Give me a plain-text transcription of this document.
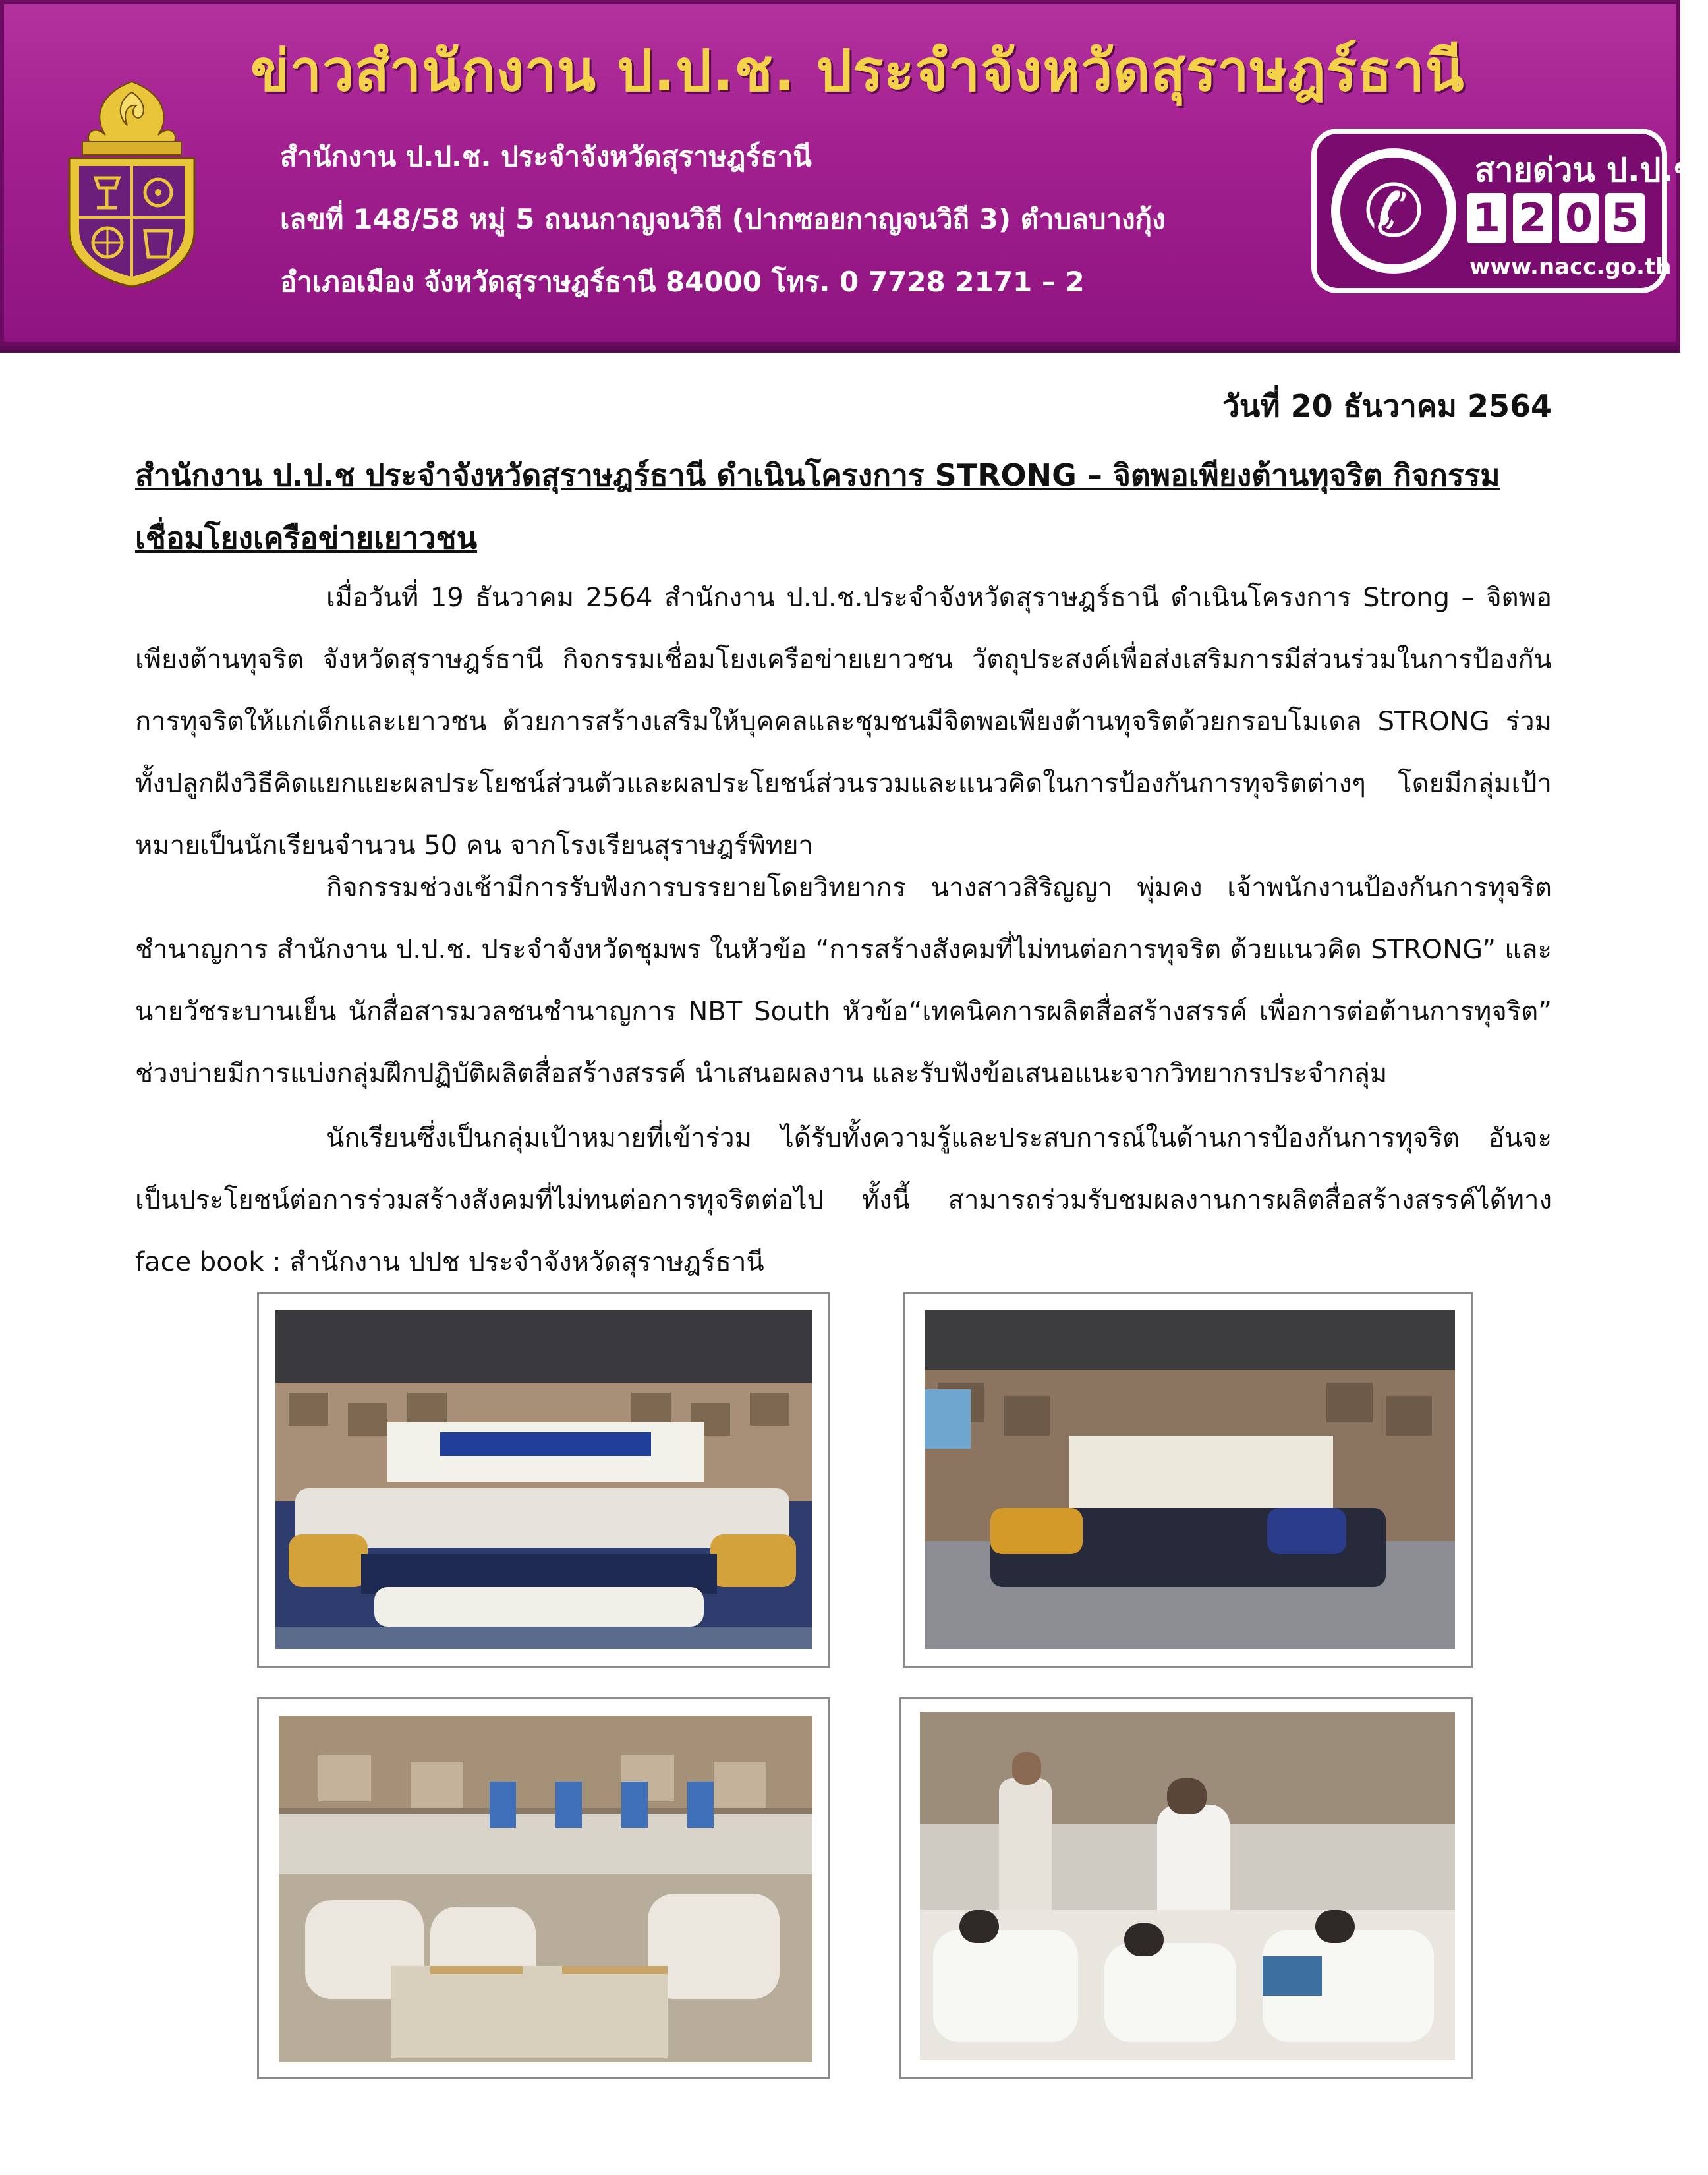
ข่าวสำนักงาน ป.ป.ช. ประจำจังหวัดสุราษฎร์ธานี
สำนักงาน ป.ป.ช. ประจำจังหวัดสุราษฎร์ธานี
เลขที่ 148/58 หมู่ 5 ถนนกาญจนวิถี (ปากซอยกาญจนวิถี 3) ตำบลบางกุ้ง
อำเภอเมือง จังหวัดสุราษฎร์ธานี 84000 โทร. 0 7728 2171 – 2
✆	สายด่วน ป.ป.ช.
1 2 0 5
www.nacc.go.th
วันที่ 20 ธันวาคม 2564
สำนักงาน ป.ป.ช ประจำจังหวัดสุราษฎร์ธานี ดำเนินโครงการ STRONG – จิตพอเพียงต้านทุจริต กิจกรรม
เชื่อมโยงเครือข่ายเยาวชน

เมื่อวันที่ 19 ธันวาคม 2564 สำนักงาน ป.ป.ช.ประจำจังหวัดสุราษฎร์ธานี ดำเนินโครงการ Strong – จิตพอเพียงต้านทุจริต จังหวัดสุราษฎร์ธานี กิจกรรมเชื่อมโยงเครือข่ายเยาวชน วัตถุประสงค์เพื่อส่งเสริมการมีส่วนร่วมในการป้องกันการทุจริตให้แก่เด็กและเยาวชน ด้วยการสร้างเสริมให้บุคคลและชุมชนมีจิตพอเพียงต้านทุจริตด้วยกรอบโมเดล STRONG ร่วมทั้งปลูกฝังวิธีคิดแยกแยะผลประโยชน์ส่วนตัวและผลประโยชน์ส่วนรวมและแนวคิดในการป้องกันการทุจริตต่างๆ โดยมีกลุ่มเป้าหมายเป็นนักเรียนจำนวน 50 คน จากโรงเรียนสุราษฎร์พิทยา

กิจกรรมช่วงเช้ามีการรับฟังการบรรยายโดยวิทยากร นางสาวสิริญญา พุ่มคง เจ้าพนักงานป้องกันการทุจริตชำนาญการ สำนักงาน ป.ป.ช. ประจำจังหวัดชุมพร ในหัวข้อ “การสร้างสังคมที่ไม่ทนต่อการทุจริต ด้วยแนวคิด STRONG” และนายวัชระบานเย็น นักสื่อสารมวลชนชำนาญการ NBT South หัวข้อ“เทคนิคการผลิตสื่อสร้างสรรค์ เพื่อการต่อต้านการทุจริต” ช่วงบ่ายมีการแบ่งกลุ่มฝึกปฏิบัติผลิตสื่อสร้างสรรค์ นำเสนอผลงาน และรับฟังข้อเสนอแนะจากวิทยากรประจำกลุ่ม

นักเรียนซึ่งเป็นกลุ่มเป้าหมายที่เข้าร่วม ได้รับทั้งความรู้และประสบการณ์ในด้านการป้องกันการทุจริต อันจะเป็นประโยชน์ต่อการร่วมสร้างสังคมที่ไม่ทนต่อการทุจริตต่อไป ทั้งนี้ สามารถร่วมรับชมผลงานการผลิตสื่อสร้างสรรค์ได้ทาง face book : สำนักงาน ปปช ประจำจังหวัดสุราษฎร์ธานี
